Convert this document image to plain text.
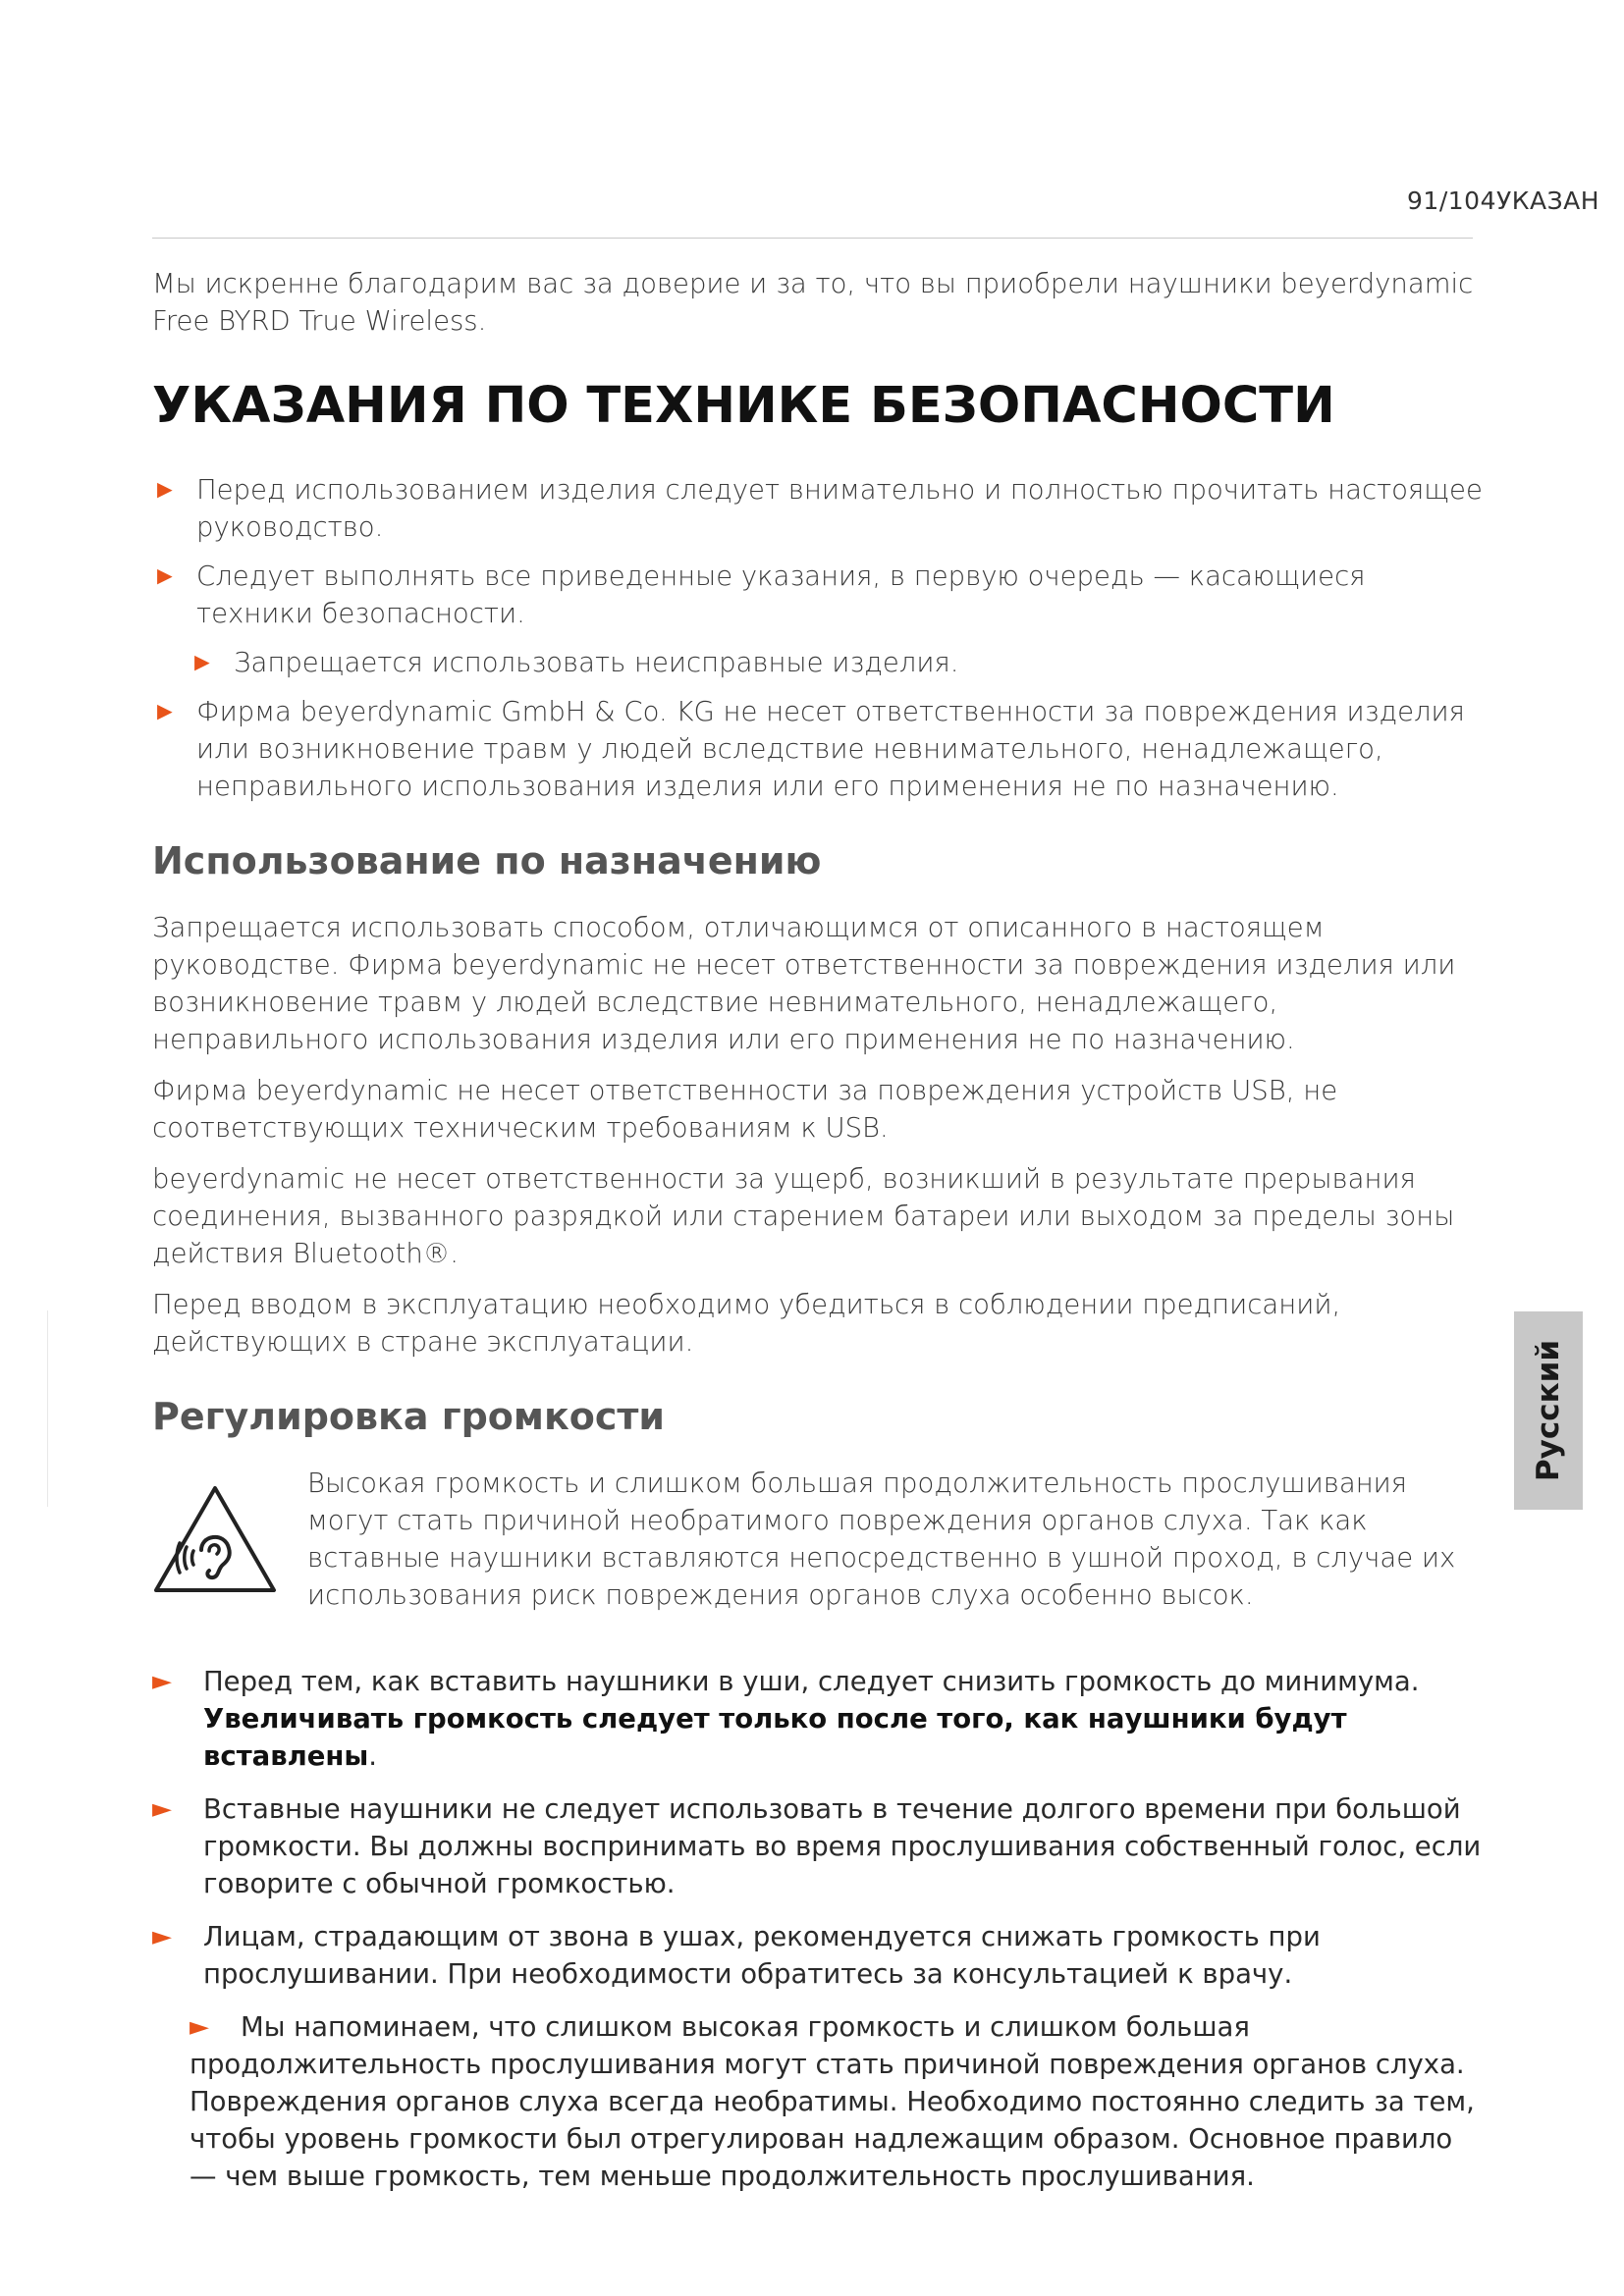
91/104УКАЗАН
Русский

Мы искренне благодарим вас за доверие и за то, что вы приобрели наушники beyerdynamic Free BYRD True Wireless.

УКАЗАНИЯ ПО ТЕХНИКЕ БЕЗОПАСНОСТИ
► Перед использованием изделия следует внимательно и полностью прочитать настоящее руководство.
► Следует выполнять все приведенные указания, в первую очередь — касающиеся техники безопасности.
► Запрещается использовать неисправные изделия.
► Фирма beyerdynamic GmbH & Co. KG не несет ответственности за повреждения изделия или возникновение травм у людей вследствие невнимательного, ненадлежащего, неправильного использования изделия или его применения не по назначению.
Использование по назначению

Запрещается использовать способом, отличающимся от описанного в настоящем руководстве. Фирма beyerdynamic не несет ответственности за повреждения изделия или возникновение травм у людей вследствие невнимательного, ненадлежащего, неправильного использования изделия или его применения не по назначению.

Фирма beyerdynamic не несет ответственности за повреждения устройств USB, не соответствующих техническим требованиям к USB.

beyerdynamic не несет ответственности за ущерб, возникший в результате прерывания соединения, вызванного разрядкой или старением батареи или выходом за пределы зоны действия Bluetooth®.

Перед вводом в эксплуатацию необходимо убедиться в соблюдении предписаний, действующих в стране эксплуатации.

Регулировка громкости
Высокая громкость и слишком большая продолжительность прослушивания могут стать причиной необратимого повреждения органов слуха. Так как вставные наушники вставляются непосредственно в ушной проход, в случае их использования риск повреждения органов слуха особенно высок.
► Перед тем, как вставить наушники в уши, следует снизить громкость до минимума. Увеличивать громкость следует только после того, как наушники будут вставлены.
► Вставные наушники не следует использовать в течение долгого времени при большой громкости. Вы должны воспринимать во время прослушивания собственный голос, если говорите с обычной громкостью.
► Лицам, страдающим от звона в ушах, рекомендуется снижать громкость при прослушивании. При необходимости обратитесь за консультацией к врачу.
► Мы напоминаем, что слишком высокая громкость и слишком большая продолжительность прослушивания могут стать причиной повреждения органов слуха. Повреждения органов слуха всегда необратимы. Необходимо постоянно следить за тем, чтобы уровень громкости был отрегулирован надлежащим образом. Основное правило — чем выше громкость, тем меньше продолжительность прослушивания.
